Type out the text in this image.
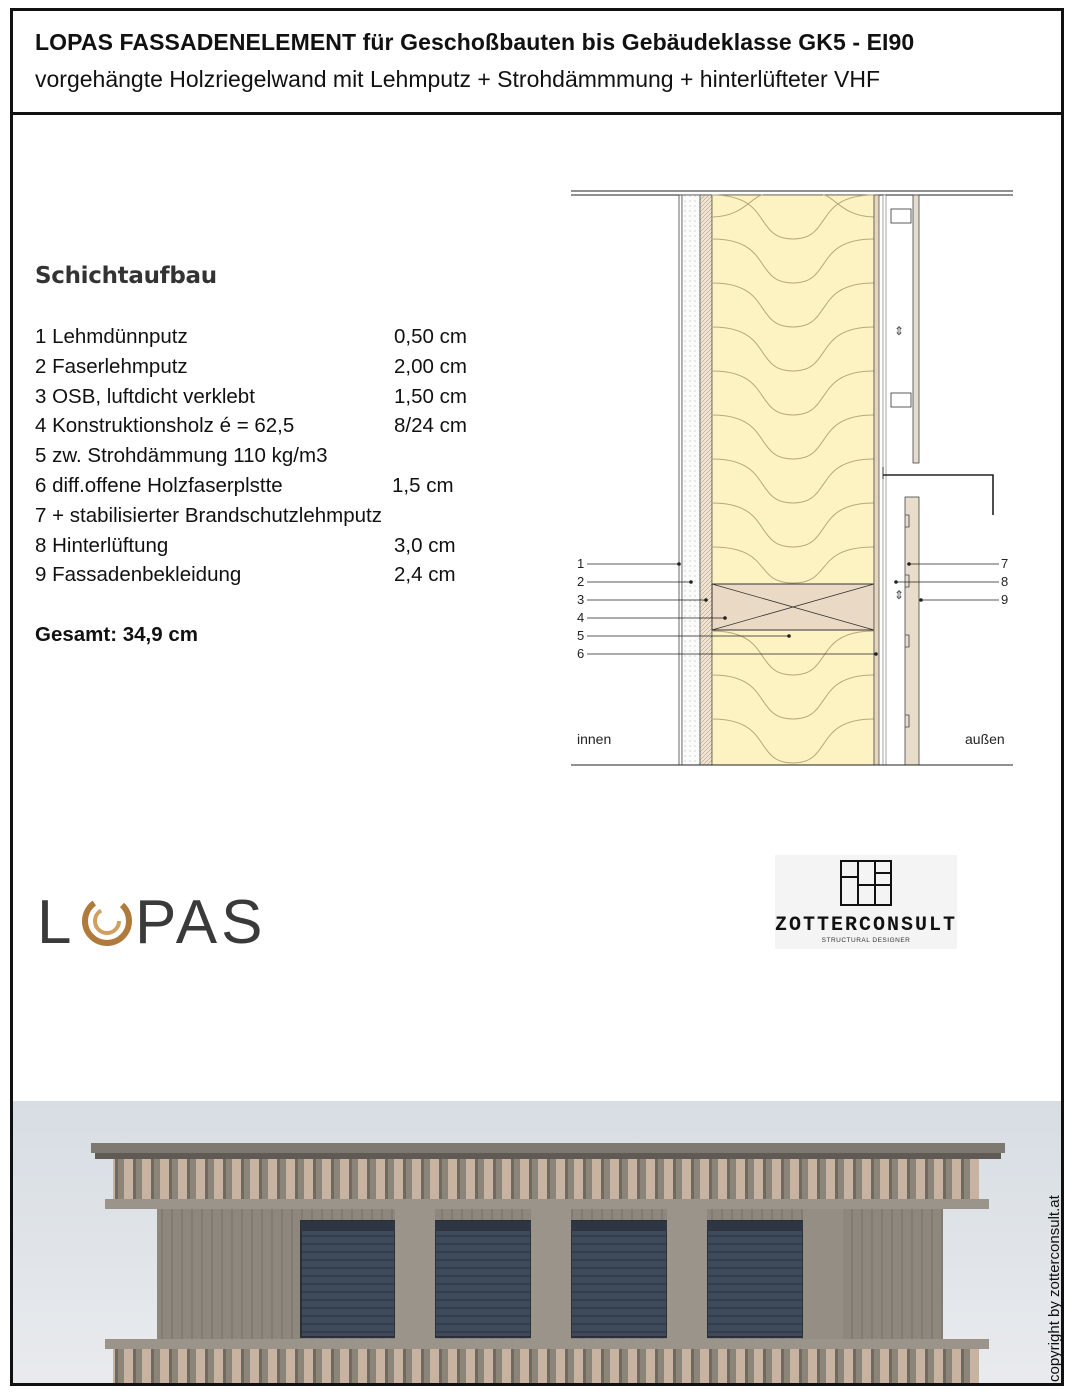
LOPAS FASSADENELEMENT für Geschoßbauten bis Gebäudeklasse GK5 - EI90
vorgehängte Holzriegelwand mit Lehmputz + Strohdämmmung + hinterlüfteter VHF
Schichtaufbau
1 Lehmdünnputz	0,50 cm
2 Faserlehmputz	2,00 cm
3 OSB, luftdicht verklebt	1,50 cm
4 Konstruktionsholz é = 62,5	8/24 cm
5 zw. Strohdämmung 110 kg/m3
6 diff.offene Holzfaserplstte	1,5 cm
7 + stabilisierter Brandschutzlehmputz
8 Hinterlüftung	3,0 cm
9 Fassadenbekleidung	2,4 cm
Gesamt: 34,9 cm
⇕
⇕
1
2
3
4
5
6
7
8
9
innen	außen
L PAS	ZOTTERCONSULT
STRUCTURAL DESIGNER
copyright by zotterconsult.at
